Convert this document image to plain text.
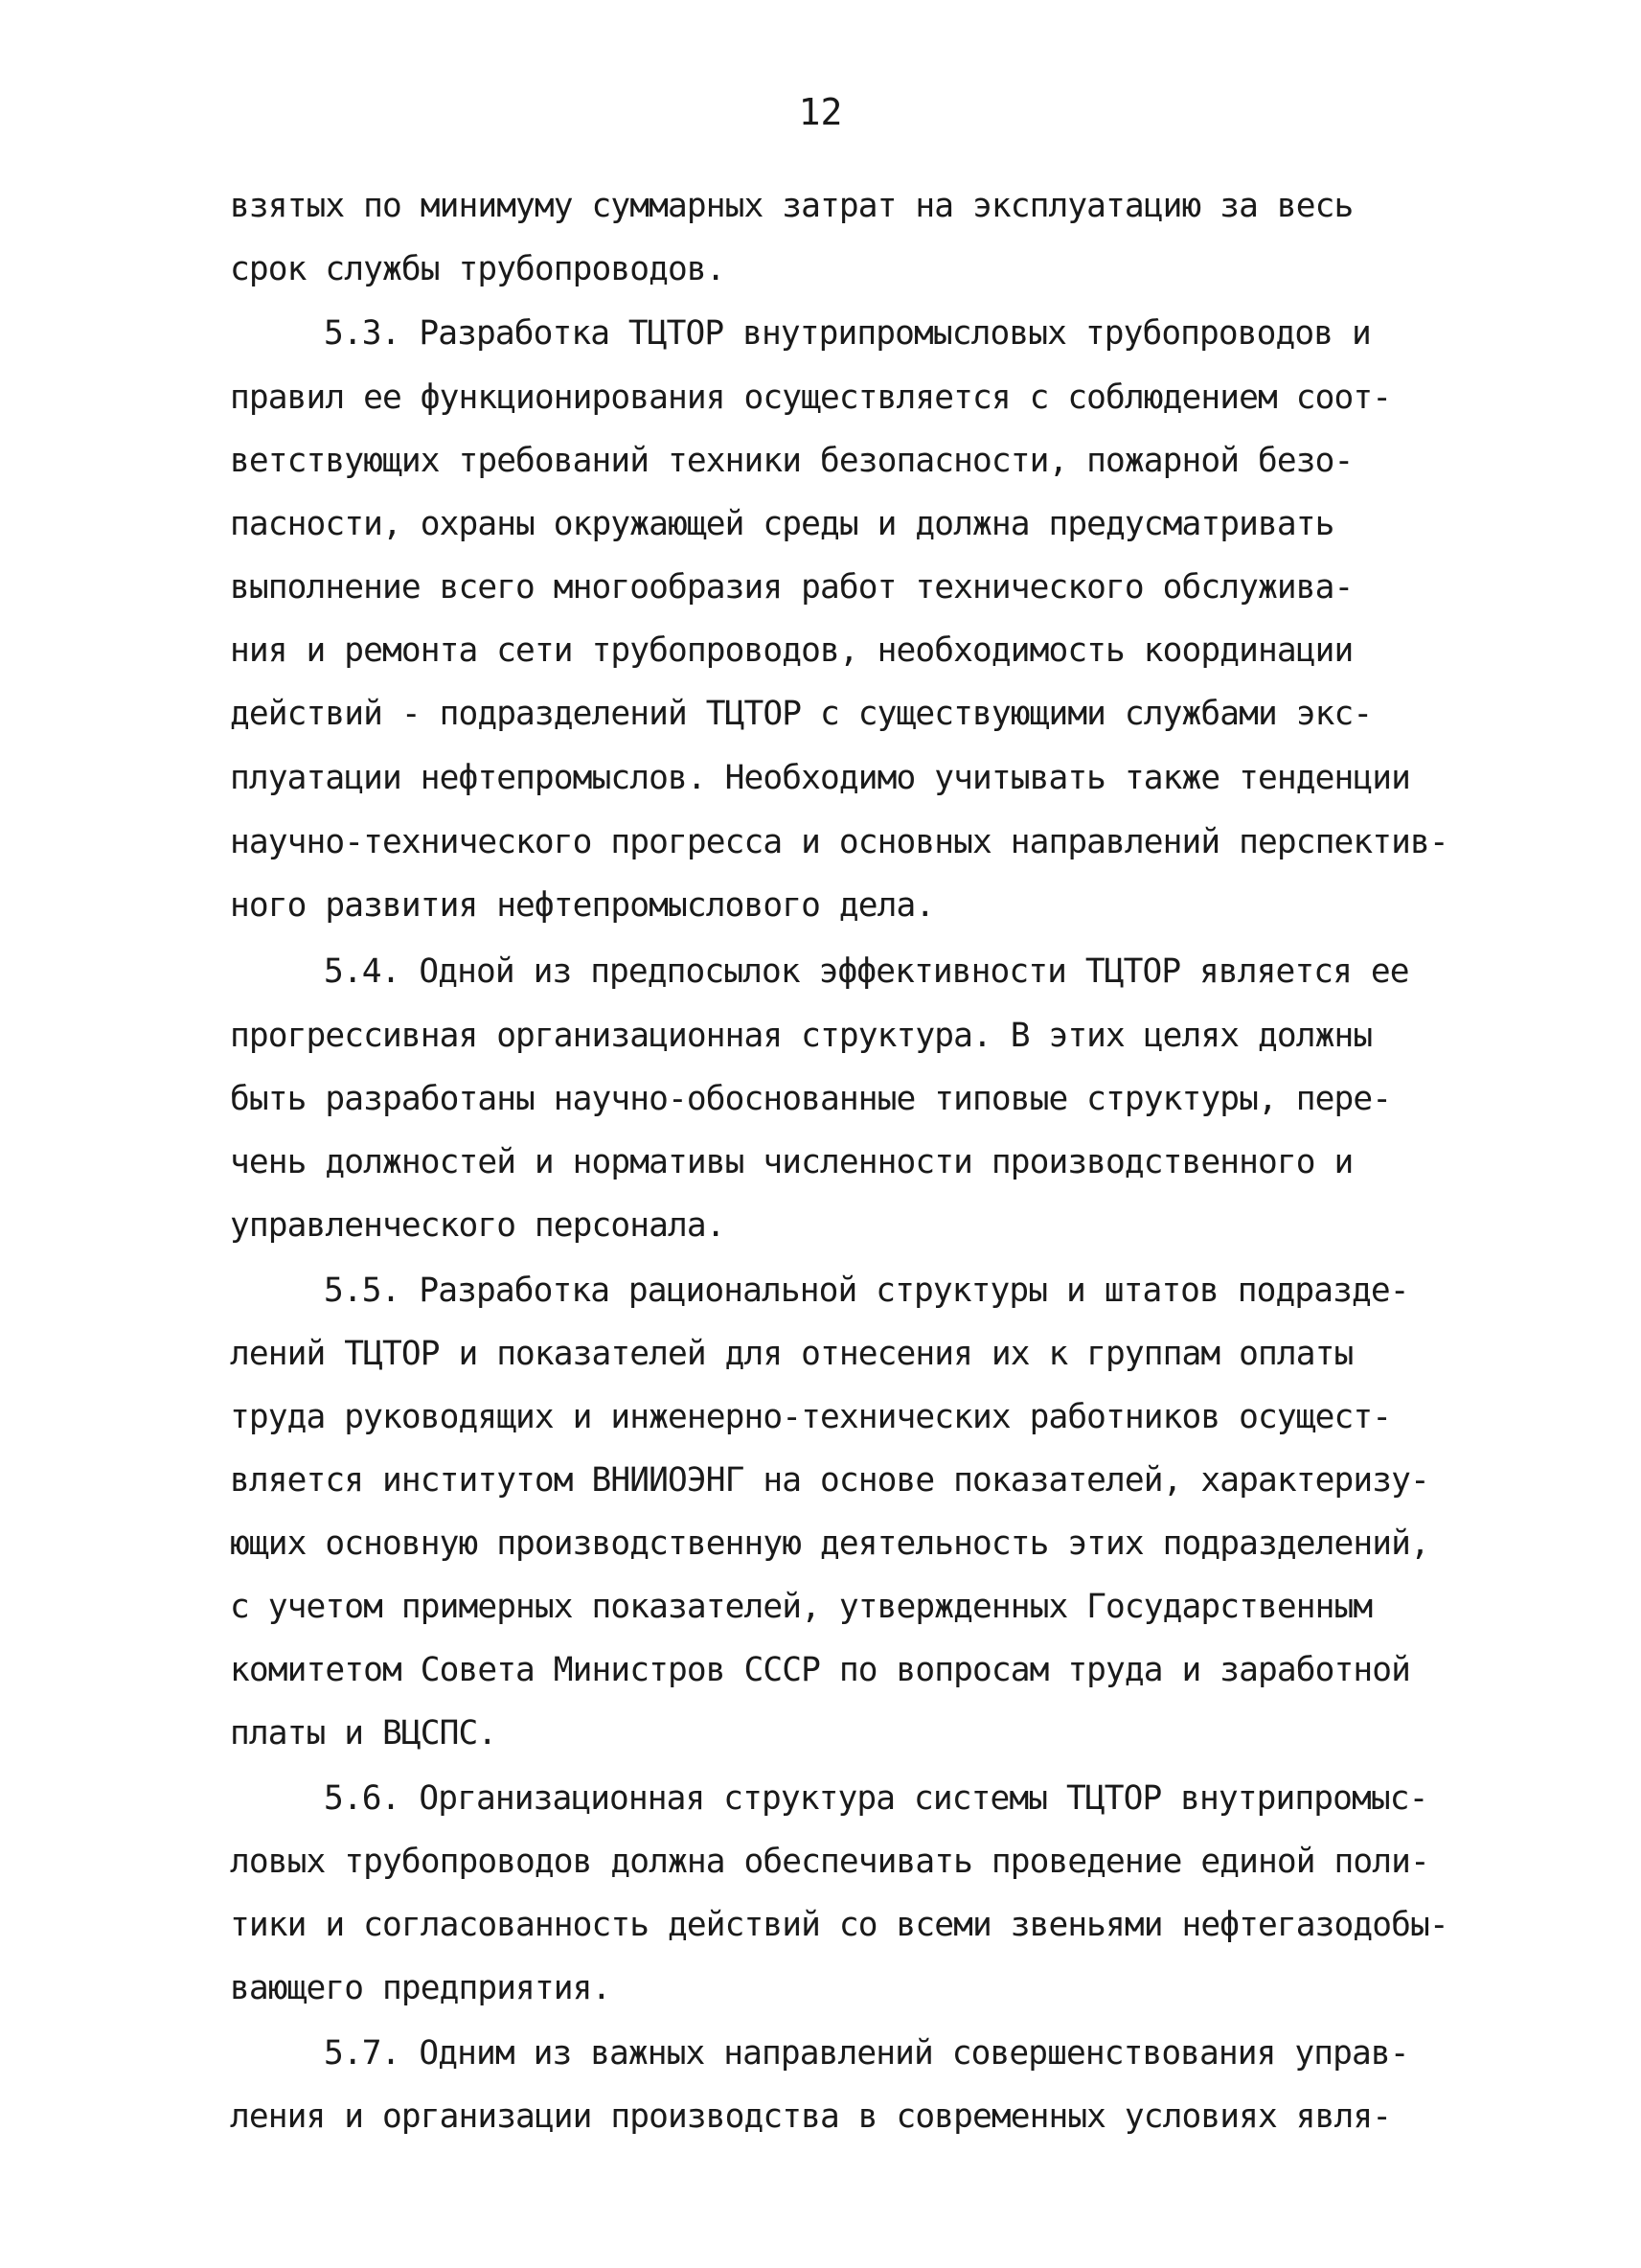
12
взятых по минимуму суммарных затрат на эксплуатацию за весь
срок службы трубопроводов.
5.3. Разработка ТЦТОР внутрипромысловых трубопроводов и
правил ее функционирования осуществляется с соблюдением соот-
ветствующих требований техники безопасности, пожарной безо-
пасности, охраны окружающей среды и должна предусматривать
выполнение всего многообразия работ технического обслужива-
ния и ремонта сети трубопроводов, необходимость координации
действий - подразделений ТЦТОР с существующими службами экс-
плуатации нефтепромыслов. Необходимо учитывать также тенденции
научно-технического прогресса и основных направлений перспектив-
ного развития нефтепромыслового дела.
5.4. Одной из предпосылок эффективности ТЦТОР является ее
прогрессивная организационная структура. В этих целях должны
быть разработаны научно-обоснованные типовые структуры, пере-
чень должностей и нормативы численности производственного и
управленческого персонала.
5.5. Разработка рациональной структуры и штатов подразде-
лений ТЦТОР и показателей для отнесения их к группам оплаты
труда руководящих и инженерно-технических работников осущест-
вляется институтом ВНИИОЭНГ на основе показателей, характеризу-
ющих основную производственную деятельность этих подразделений,
с учетом примерных показателей, утвержденных Государственным
комитетом Совета Министров СССР по вопросам труда и заработной
платы и ВЦСПС.
5.6. Организационная структура системы ТЦТОР внутрипромыс-
ловых трубопроводов должна обеспечивать проведение единой поли-
тики и согласованность действий со всеми звеньями нефтегазодобы-
вающего предприятия.
5.7. Одним из важных направлений совершенствования управ-
ления и организации производства в современных условиях явля-
